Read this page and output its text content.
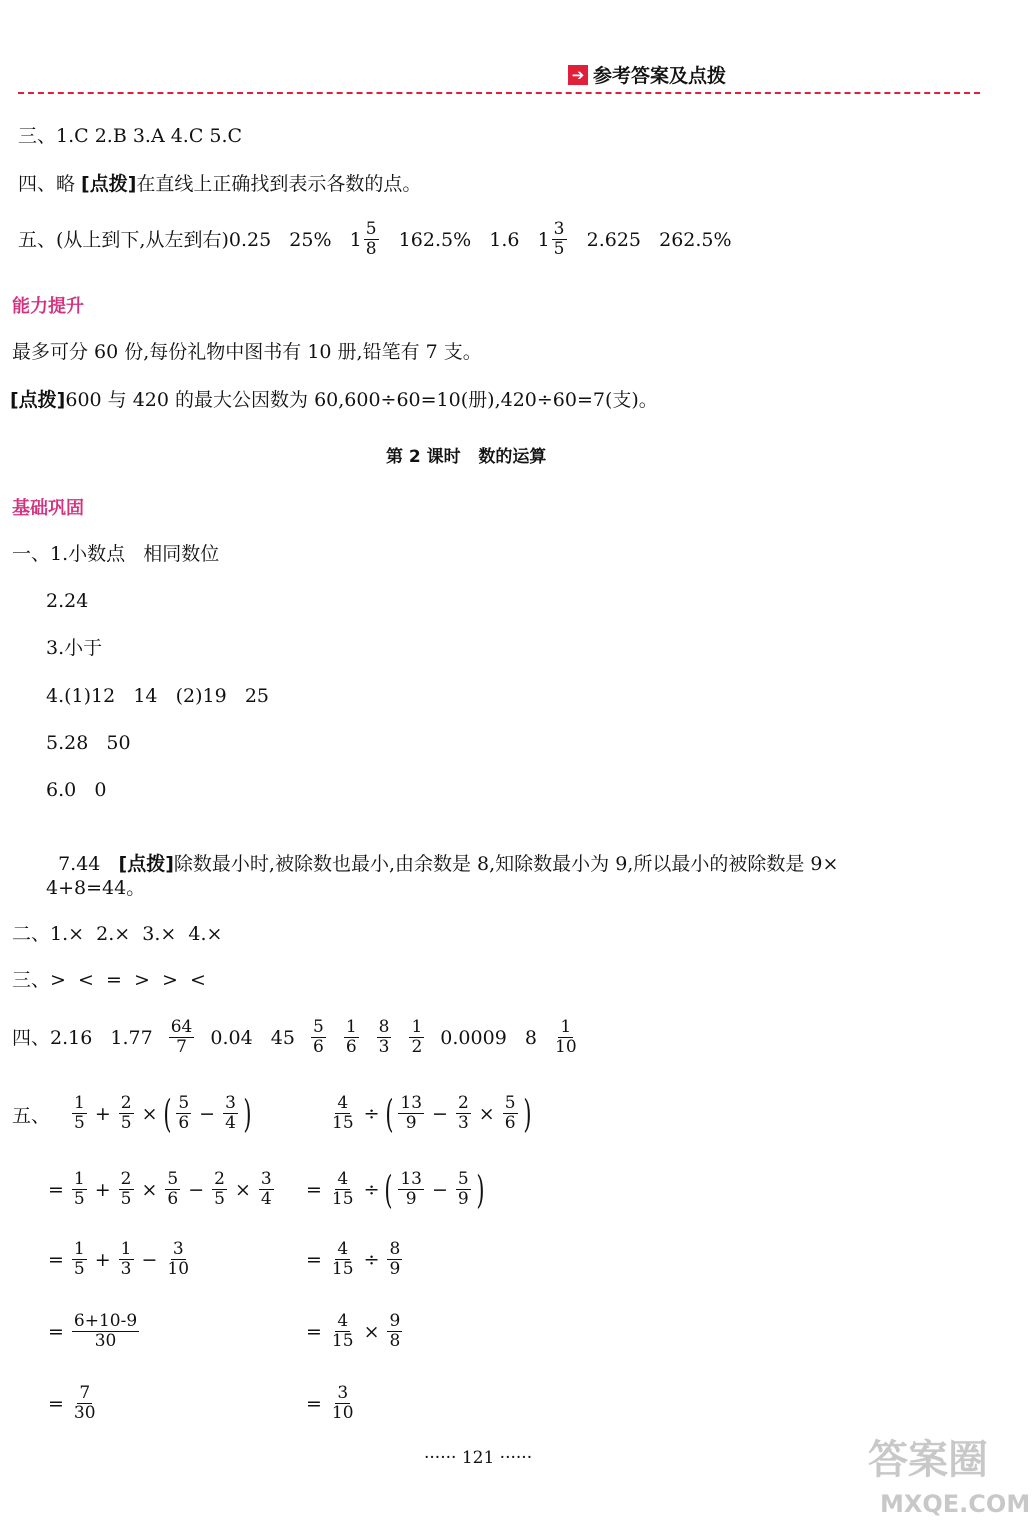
➔ 参考答案及点拨
三、1.C 2.B 3.A 4.C 5.C
四、略 [点拨]在直线上正确找到表示各数的点。
五、(从上到下,从左到右)0.25   25%   $1 \frac{5}{8} 162.5\%$   1.6   $1 \frac{3}{5} 2.625$   262.5%
能力提升
最多可分 60 份,每份礼物中图书有 10 册,铅笔有 7 支。
[点拨]600 与 420 的最大公因数为 60,600÷60=10(册),420÷60=7(支)。
第 2 课时   数的运算
基础巩固
一、1.小数点   相同数位
2.24
3.小于
4.(1)12   14   (2)19   25
5.28   50
6.0   0

7.44   [点拨]除数最小时,被除数也最小,由余数是 8,知除数最小为 9,所以最小的被除数是 9×

4+8=44。
二、1.×  2.×  3.×  4.×
三、>  <  =  >  >  <
四、2.16   $1.77 \frac{64}{7} 0.04$   $45 \frac{5}{6} \frac{1}{6} \frac{8}{3} \frac{1}{2} 0.0009$   $8 \frac{1}{10}$
五、 $\frac{1}{5} + \frac{2}{5}$ × ( $\frac{5}{6} - \frac{3}{4}$ )
= $\frac{1}{5} + \frac{2}{5} \times \frac{5}{6} - \frac{2}{5} \times \frac{3}{4}$
= $\frac{1}{5} + \frac{1}{3} - \frac{3}{10}$
= $\frac{6+10-9}{30}$
= $\frac{7}{30}$
$\frac{4}{15}$ ÷ ( $\frac{13}{9} - \frac{2}{3} \times \frac{5}{6}$ )
= $\frac{4}{15}$ ÷ ( $\frac{13}{9} - \frac{5}{9}$ )
= $\frac{4}{15} \div \frac{8}{9}$
= $\frac{4}{15} \times \frac{9}{8}$
= $\frac{3}{10}$
······ 121 ······	答案圈
MXQE.COM
